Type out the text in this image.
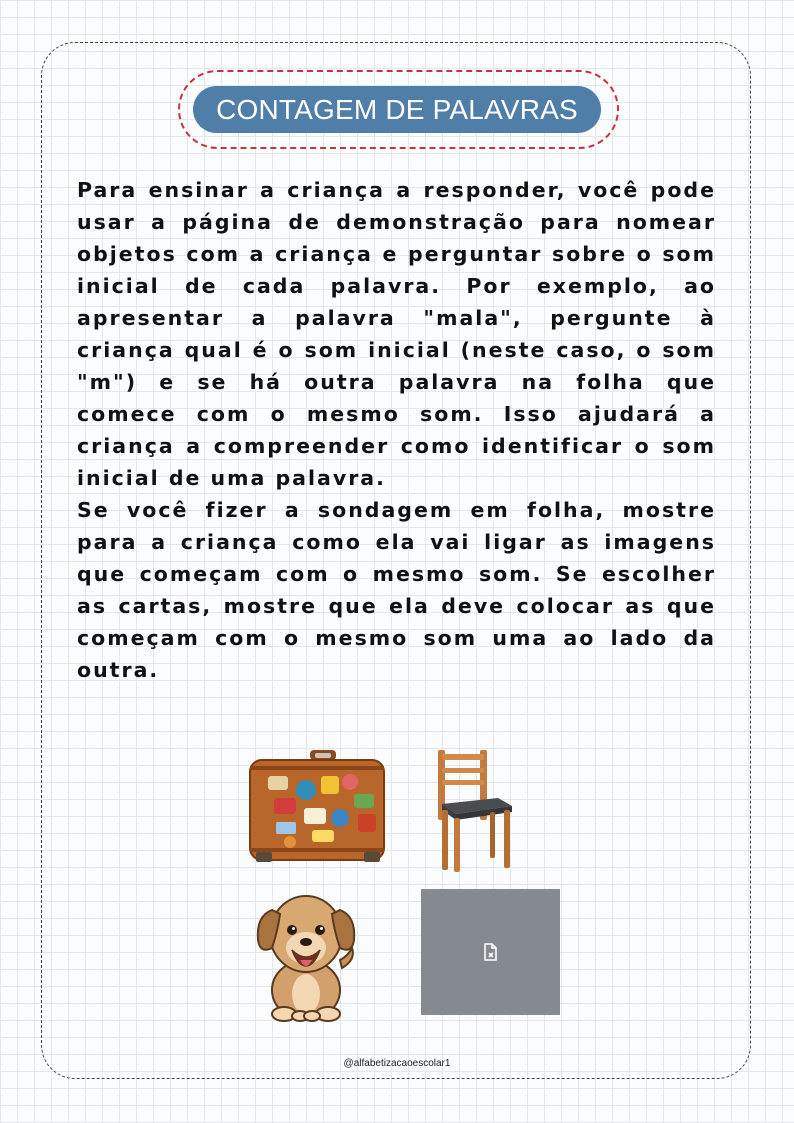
CONTAGEM DE PALAVRAS

Para ensinar a criança a responder, você pode usar a página de demonstração para nomear objetos com a criança e perguntar sobre o som inicial de cada palavra. Por exemplo, ao apresentar a palavra "mala", pergunte à criança qual é o som inicial (neste caso, o som "m") e se há outra palavra na folha que comece com o mesmo som. Isso ajudará a criança a compreender como identificar o som inicial de uma palavra.

Se você fizer a sondagem em folha, mostre para a criança como ela vai ligar as imagens que começam com o mesmo som. Se escolher as cartas, mostre que ela deve colocar as que começam com o mesmo som uma ao lado da outra.

@alfabetizacaoescolar1
